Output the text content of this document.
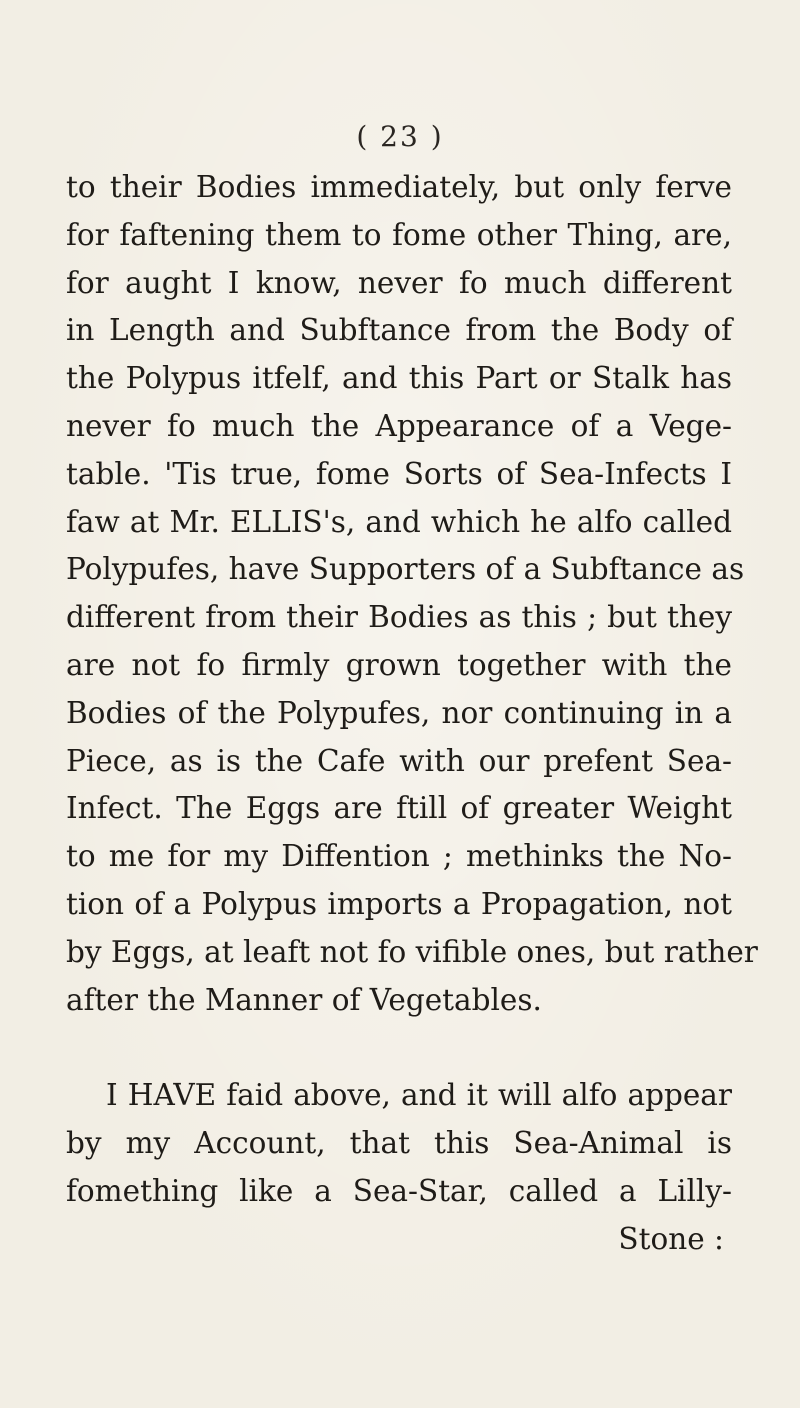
( 23 )
to their Bodies immediately, but only ferve
for faftening them to fome other Thing, are,
for aught I know, never fo much different
in Length and Subftance from the Body of
the Polypus itfelf, and this Part or Stalk has
never fo much the Appearance of a Vege-
table. 'Tis true, fome Sorts of Sea-Infects I
faw at Mr. ELLIS's, and which he alfo called
Polypufes, have Supporters of a Subftance as
different from their Bodies as this ; but they
are not fo firmly grown together with the
Bodies of the Polypufes, nor continuing in a
Piece, as is the Cafe with our prefent Sea-
Infect. The Eggs are ftill of greater Weight
to me for my Diffention ; methinks the No-
tion of a Polypus imports a Propagation, not
by Eggs, at leaft not fo vifible ones, but rather
after the Manner of Vegetables.
I HAVE faid above, and it will alfo appear
by my Account, that this Sea-Animal is
fomething like a Sea-Star, called a Lilly-
Stone :
